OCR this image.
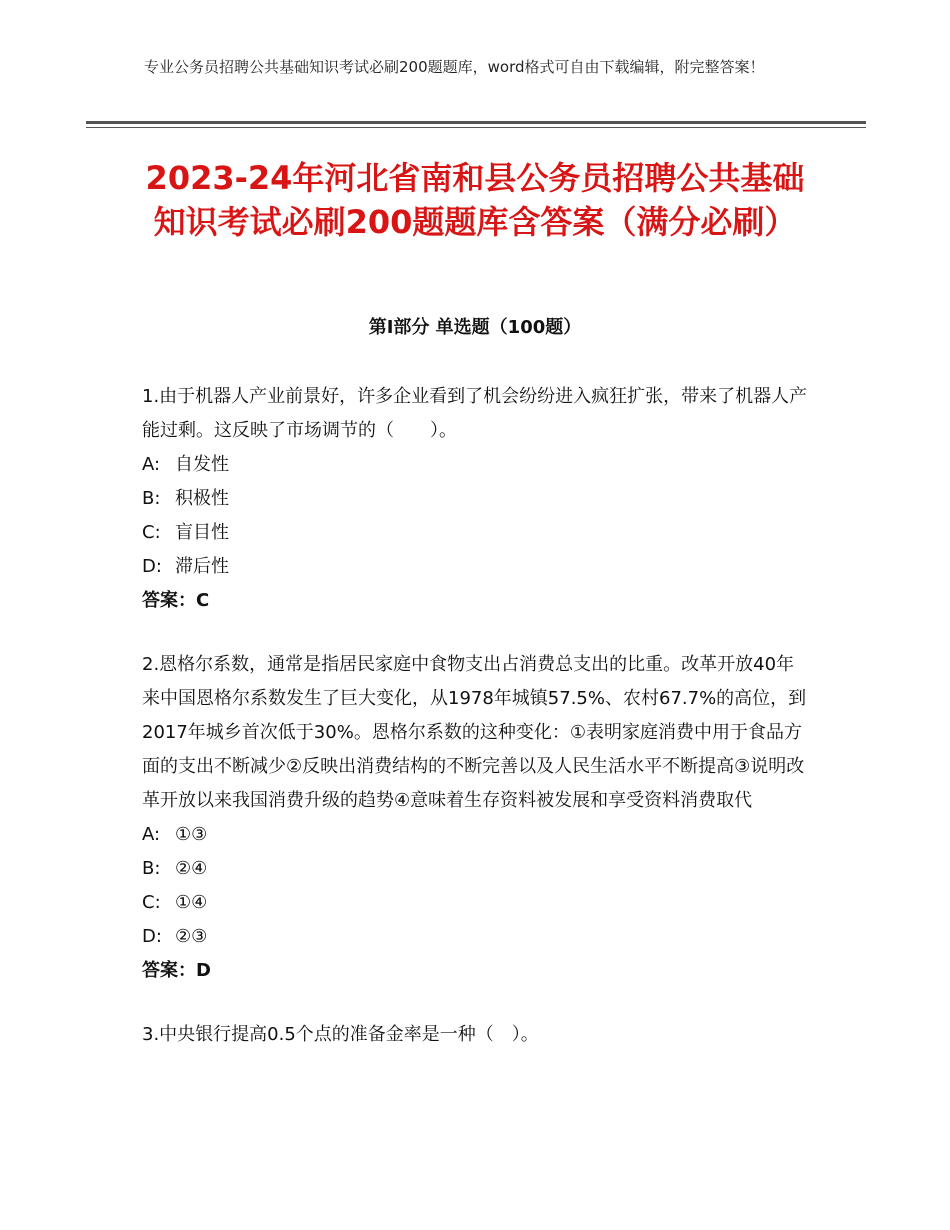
专业公务员招聘公共基础知识考试必刷200题题库，word格式可自由下载编辑，附完整答案！
2023-24年河北省南和县公务员招聘公共基础知识考试必刷200题题库含答案（满分必刷）
第Ⅰ部分 单选题（100题）

1.由于机器人产业前景好，许多企业看到了机会纷纷进入疯狂扩张，带来了机器人产能过剩。这反映了市场调节的（　　）。

A: 自发性

B: 积极性

C: 盲目性

D: 滞后性

答案：C

2.恩格尔系数，通常是指居民家庭中食物支出占消费总支出的比重。改革开放40年来中国恩格尔系数发生了巨大变化，从1978年城镇57.5%、农村67.7%的高位，到2017年城乡首次低于30%。恩格尔系数的这种变化：①表明家庭消费中用于食品方面的支出不断减少②反映出消费结构的不断完善以及人民生活水平不断提高③说明改革开放以来我国消费升级的趋势④意味着生存资料被发展和享受资料消费取代

A: ①③

B: ②④

C: ①④

D: ②③

答案：D

3.中央银行提高0.5个点的准备金率是一种（　）。
